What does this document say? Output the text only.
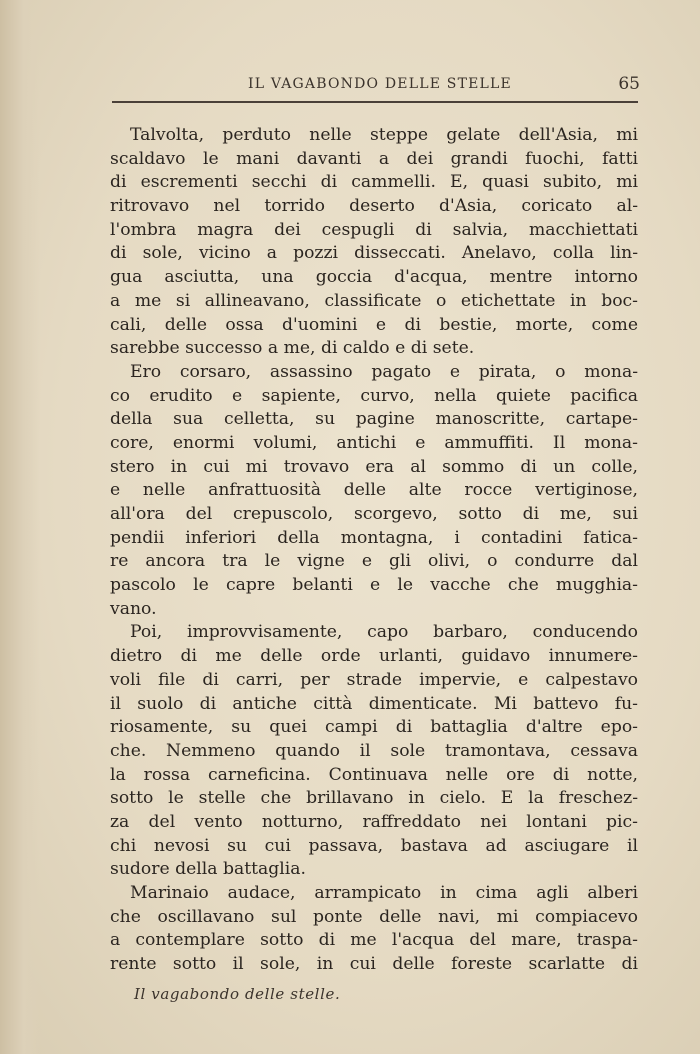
IL VAGABONDO DELLE STELLE	65
Talvolta, perduto nelle steppe gelate dell'Asia, mi
scaldavo le mani davanti a dei grandi fuochi, fatti
di escrementi secchi di cammelli. E, quasi subito, mi
ritrovavo nel torrido deserto d'Asia, coricato al-
l'ombra magra dei cespugli di salvia, macchiettati
di sole, vicino a pozzi disseccati. Anelavo, colla lin-
gua asciutta, una goccia d'acqua, mentre intorno
a me si allineavano, classificate o etichettate in boc-
cali, delle ossa d'uomini e di bestie, morte, come
sarebbe successo a me, di caldo e di sete.
Ero corsaro, assassino pagato e pirata, o mona-
co erudito e sapiente, curvo, nella quiete pacifica
della sua celletta, su pagine manoscritte, cartape-
core, enormi volumi, antichi e ammuffiti. Il mona-
stero in cui mi trovavo era al sommo di un colle,
e nelle anfrattuosità delle alte rocce vertiginose,
all'ora del crepuscolo, scorgevo, sotto di me, sui
pendii inferiori della montagna, i contadini fatica-
re ancora tra le vigne e gli olivi, o condurre dal
pascolo le capre belanti e le vacche che mugghia-
vano.
Poi, improvvisamente, capo barbaro, conducendo
dietro di me delle orde urlanti, guidavo innumere-
voli file di carri, per strade impervie, e calpestavo
il suolo di antiche città dimenticate. Mi battevo fu-
riosamente, su quei campi di battaglia d'altre epo-
che. Nemmeno quando il sole tramontava, cessava
la rossa carneficina. Continuava nelle ore di notte,
sotto le stelle che brillavano in cielo. E la freschez-
za del vento notturno, raffreddato nei lontani pic-
chi nevosi su cui passava, bastava ad asciugare il
sudore della battaglia.
Marinaio audace, arrampicato in cima agli alberi
che oscillavano sul ponte delle navi, mi compiacevo
a contemplare sotto di me l'acqua del mare, traspa-
rente sotto il sole, in cui delle foreste scarlatte di
Il vagabondo delle stelle.
